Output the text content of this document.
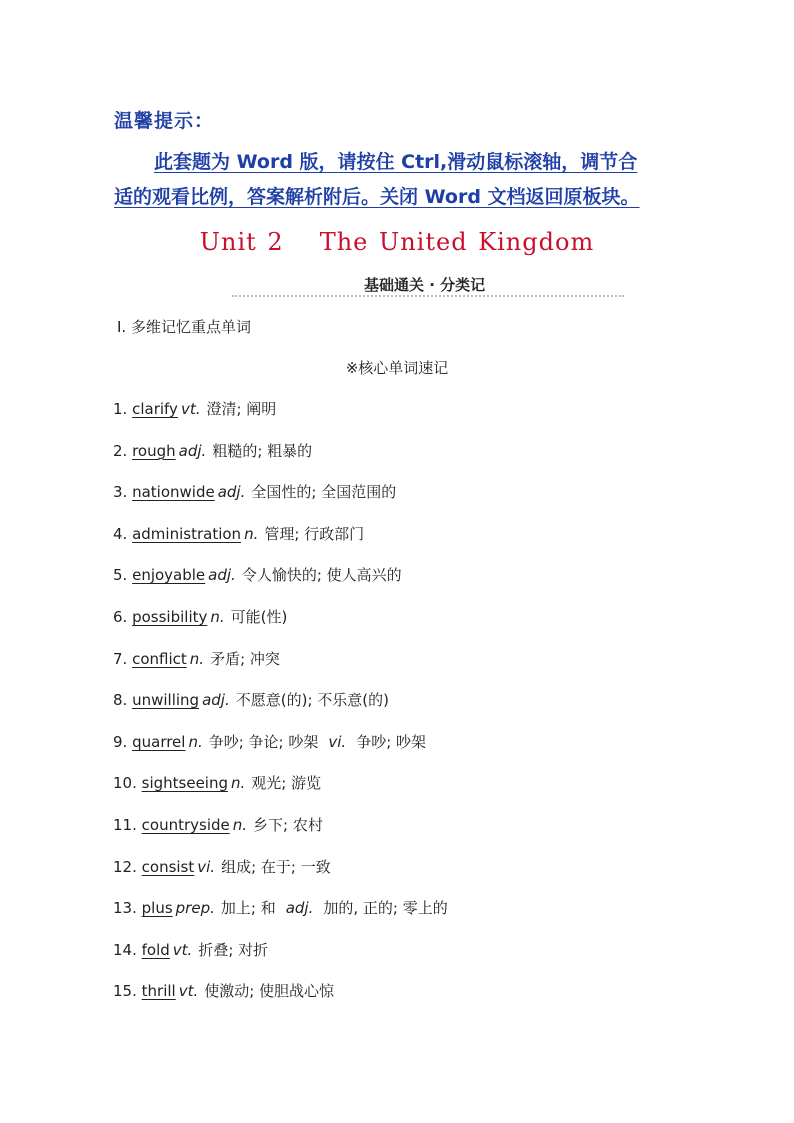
温馨提示：
此套题为 Word 版，请按住 Ctrl,滑动鼠标滚轴，调节合
适的观看比例，答案解析附后。关闭 Word 文档返回原板块。
Unit 2 The United Kingdom
基础通关 · 分类记
Ⅰ. 多维记忆重点单词
※核心单词速记
1. clarify vt. 澄清; 阐明
2. rough adj. 粗糙的; 粗暴的
3. nationwide adj. 全国性的; 全国范围的
4. administration n. 管理; 行政部门
5. enjoyable adj. 令人愉快的; 使人高兴的
6. possibility n. 可能(性)
7. conflict n. 矛盾; 冲突
8. unwilling adj. 不愿意(的); 不乐意(的)
9. quarrel n. 争吵; 争论; 吵架 vi. 争吵; 吵架
10. sightseeing n. 观光; 游览
11. countryside n. 乡下; 农村
12. consist vi. 组成; 在于; 一致
13. plus prep. 加上; 和 adj. 加的, 正的; 零上的
14. fold vt. 折叠; 对折
15. thrill vt. 使激动; 使胆战心惊
